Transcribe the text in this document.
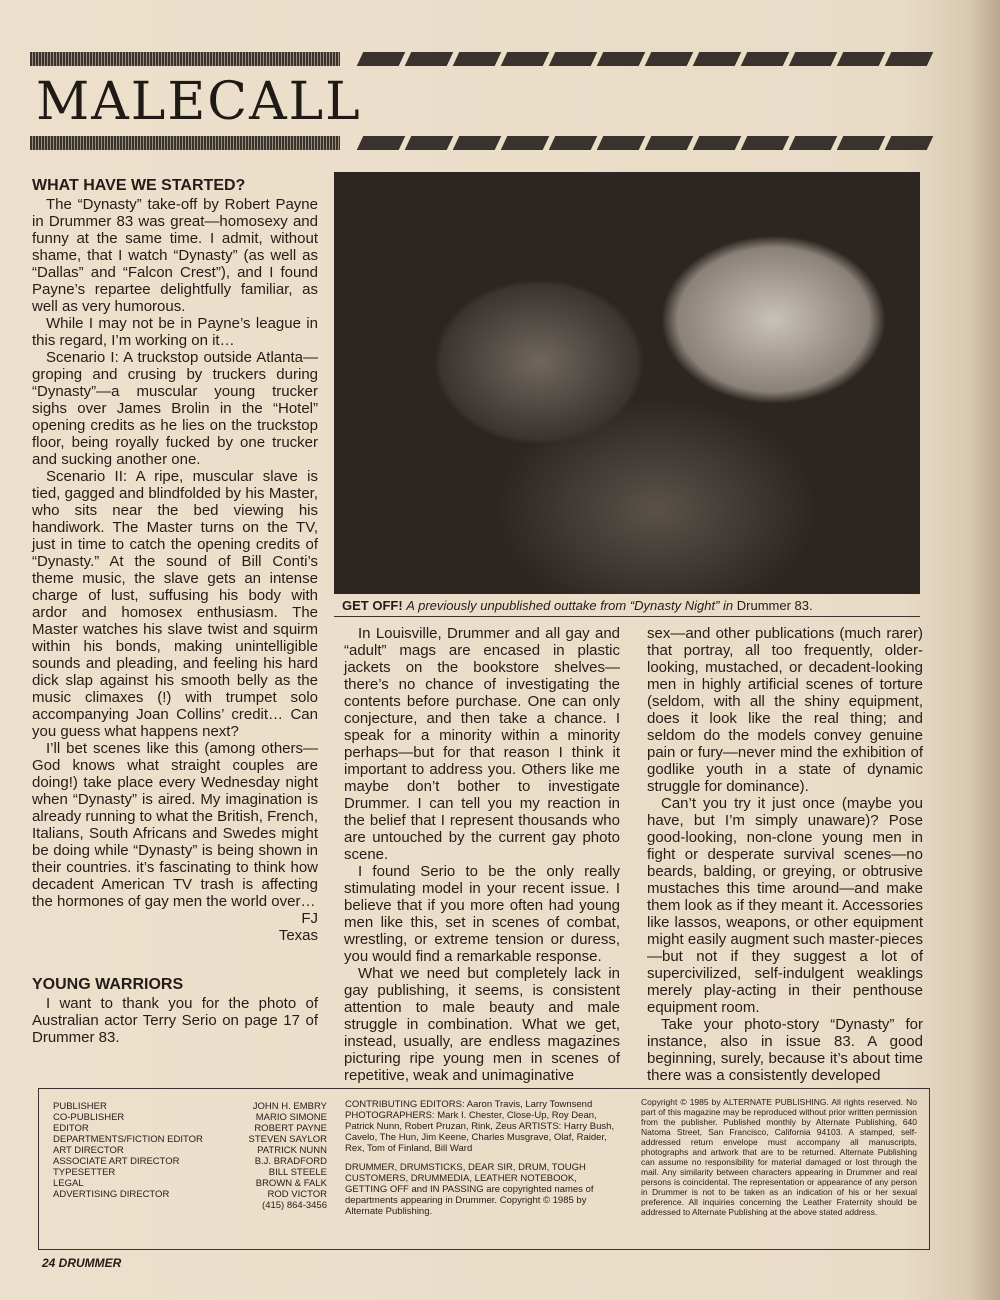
MALECALL
WHAT HAVE WE STARTED?

The “Dynasty” take-off by Robert Payne in Drummer 83 was great—homosexy and funny at the same time. I admit, without shame, that I watch “Dynasty” (as well as “Dallas” and “Falcon Crest”), and I found Payne’s repartee delightfully familiar, as well as very humorous.

While I may not be in Payne’s league in this regard, I’m working on it…

Scenario I: A truckstop outside Atlanta—groping and crusing by truckers during “Dynasty”—a muscular young trucker sighs over James Brolin in the “Hotel” opening credits as he lies on the truckstop floor, being royally fucked by one trucker and sucking another one.

Scenario II: A ripe, muscular slave is tied, gagged and blindfolded by his Master, who sits near the bed viewing his handiwork. The Master turns on the TV, just in time to catch the opening credits of “Dynasty.” At the sound of Bill Conti’s theme music, the slave gets an intense charge of lust, suffusing his body with ardor and homosex enthusiasm. The Master watches his slave twist and squirm within his bonds, making unintelligible sounds and pleading, and feeling his hard dick slap against his smooth belly as the music climaxes (!) with trumpet solo accompanying Joan Collins’ credit… Can you guess what happens next?

I’ll bet scenes like this (among others—God knows what straight couples are doing!) take place every Wednesday night when “Dynasty” is aired. My imagination is already running to what the British, French, Italians, South Africans and Swedes might be doing while “Dynasty” is being shown in their countries. it’s fascinating to think how decadent American TV trash is affecting the hormones of gay men the world over…

FJ
Texas
YOUNG WARRIORS

I want to thank you for the photo of Australian actor Terry Serio on page 17 of Drummer 83.

GET OFF! A previously unpublished outtake from “Dynasty Night” in Drummer 83.

In Louisville, Drummer and all gay and “adult” mags are encased in plastic jackets on the bookstore shelves—there’s no chance of investigating the contents before purchase. One can only conjecture, and then take a chance. I speak for a minority within a minority perhaps—but for that reason I think it important to address you. Others like me maybe don’t bother to investigate Drummer. I can tell you my reaction in the belief that I represent thousands who are untouched by the current gay photo scene.

I found Serio to be the only really stimulating model in your recent issue. I believe that if you more often had young men like this, set in scenes of combat, wrestling, or extreme tension or duress, you would find a remarkable response.

What we need but completely lack in gay publishing, it seems, is consistent attention to male beauty and male struggle in combination. What we get, instead, usually, are endless magazines picturing ripe young men in scenes of repetitive, weak and unimaginative

sex—and other publications (much rarer) that portray, all too frequently, older-looking, mustached, or decadent-looking men in highly artificial scenes of torture (seldom, with all the shiny equipment, does it look like the real thing; and seldom do the models convey genuine pain or fury—never mind the exhibition of godlike youth in a state of dynamic struggle for dominance).

Can’t you try it just once (maybe you have, but I’m simply unaware)? Pose good-looking, non-clone young men in fight or desperate survival scenes—no beards, balding, or greying, or obtrusive mustaches this time around—and make them look as if they meant it. Accessories like lassos, weapons, or other equipment might easily augment such master-pieces—but not if they suggest a lot of supercivilized, self-indulgent weaklings merely play-acting in their penthouse equipment room.

Take your photo-story “Dynasty” for instance, also in issue 83. A good beginning, surely, because it’s about time there was a consistently developed

PUBLISHER	JOHN H. EMBRY
CO-PUBLISHER	MARIO SIMONE
EDITOR	ROBERT PAYNE
DEPARTMENTS/FICTION EDITOR	STEVEN SAYLOR
ART DIRECTOR	PATRICK NUNN
ASSOCIATE ART DIRECTOR	B.J. BRADFORD
TYPESETTER	BILL STEELE
LEGAL	BROWN & FALK
ADVERTISING DIRECTOR	ROD VICTOR
(415) 864-3456
CONTRIBUTING EDITORS: Aaron Travis, Larry Townsend PHOTOGRAPHERS: Mark I. Chester, Close-Up, Roy Dean, Patrick Nunn, Robert Pruzan, Rink, Zeus ARTISTS: Harry Bush, Cavelo, The Hun, Jim Keene, Charles Musgrave, Olaf, Raider, Rex, Tom of Finland, Bill Ward
DRUMMER, DRUMSTICKS, DEAR SIR, DRUM, TOUGH CUSTOMERS, DRUMMEDIA, LEATHER NOTEBOOK, GETTING OFF and IN PASSING are copyrighted names of departments appearing in Drummer. Copyright © 1985 by Alternate Publishing.
Copyright © 1985 by ALTERNATE PUBLISHING. All rights reserved. No part of this magazine may be reproduced without prior written permission from the publisher. Published monthly by Alternate Publishing, 640 Natoma Street, San Francisco, California 94103. A stamped, self-addressed return envelope must accompany all manuscripts, photographs and artwork that are to be returned. Alternate Publishing can assume no responsibility for material damaged or lost through the mail. Any similarity between characters appearing in Drummer and real persons is coincidental. The representation or appearance of any person in Drummer is not to be taken as an indication of his or her sexual preference. All inquiries concerning the Leather Fraternity should be addressed to Alternate Publishing at the above stated address.
24 DRUMMER
